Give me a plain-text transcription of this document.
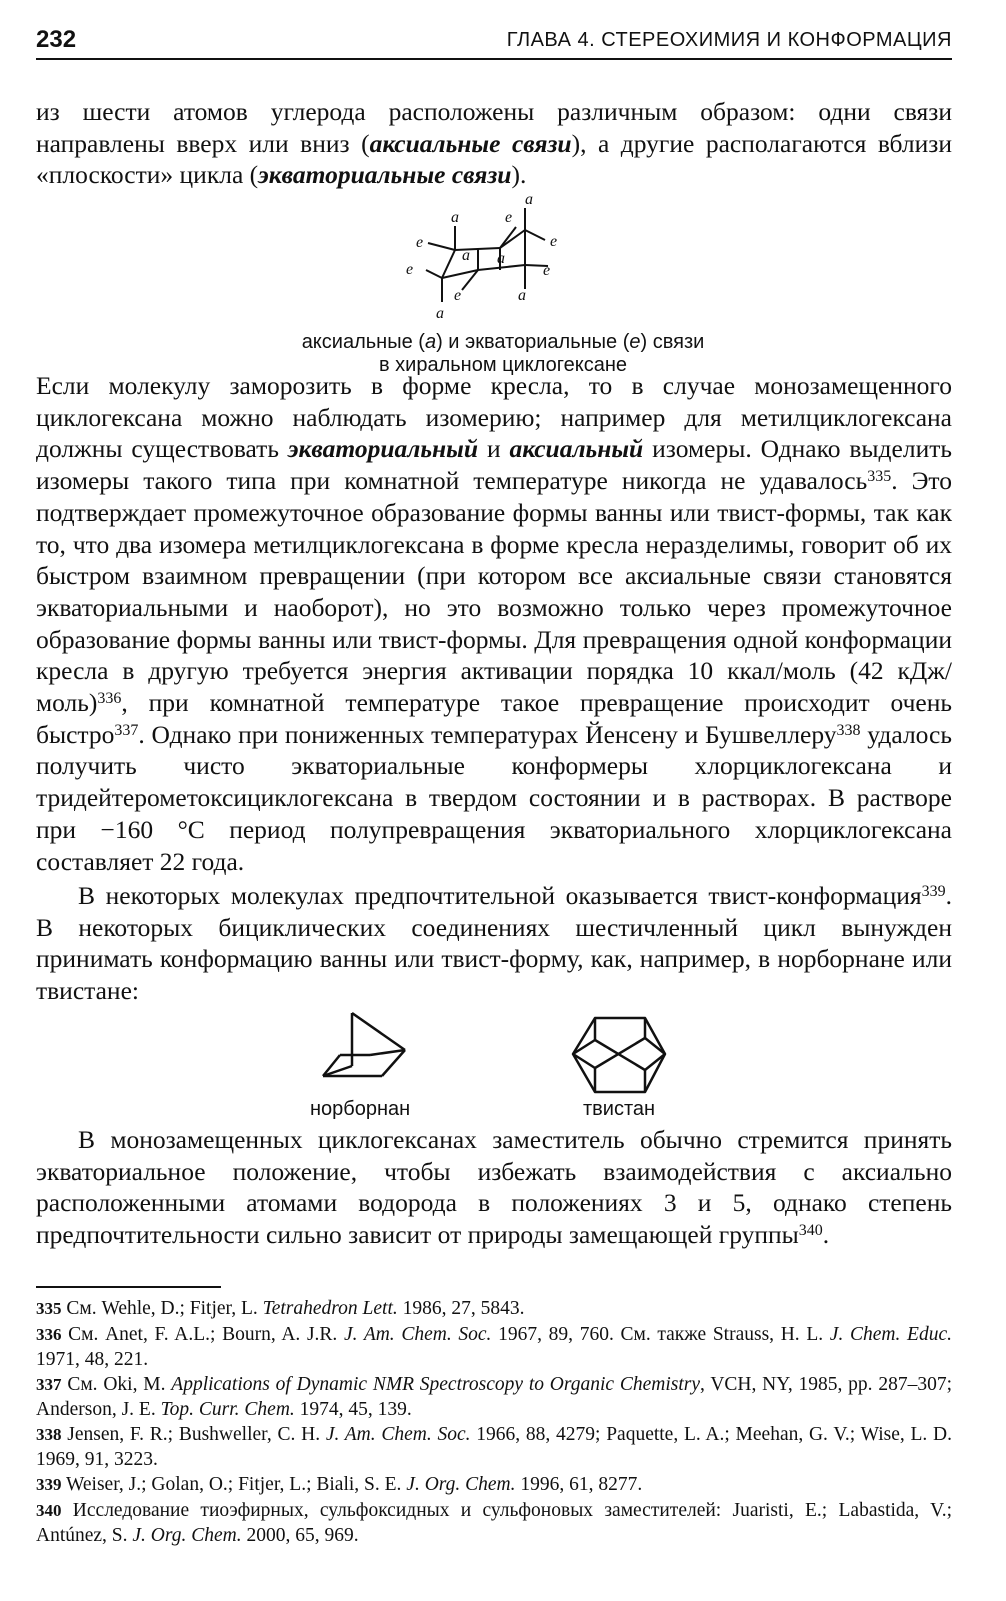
232	ГЛАВА 4. СТЕРЕОХИМИЯ И КОНФОРМАЦИЯ
из шести атомов углерода расположены различным образом: одни связи направлены вверх или вниз (аксиальные связи), а другие располагаются вблизи «плоскости» цикла (экваториальные связи).
a
a	e
e	e
a a
e	e
e	a
a
аксиальные (a) и экваториальные (e) связи
в хиральном циклогексане
Если молекулу заморозить в форме кресла, то в случае монозамещенного циклогексана можно наблюдать изомерию; например для метилциклогексана должны существовать экваториальный и аксиальный изомеры. Однако выделить изомеры такого типа при комнатной температуре никогда не удавалось$^{335}$. Это подтверждает промежуточное образование формы ванны или твист-формы, так как то, что два изомера метилциклогексана в форме кресла неразделимы, говорит об их быстром взаимном превращении (при котором все аксиальные связи становятся экваториальными и наоборот), но это возможно только через промежуточное образование формы ванны или твист-формы. Для превращения одной конформации кресла в другую требуется энергия активации порядка 10 ккал/моль (42 кДж/моль)$^{336}$, при комнатной температуре такое превращение происходит очень быстро$^{337}$. Однако при пониженных температурах Йенсену и Бушвеллеру$^{338}$ удалось получить чисто экваториальные конформеры хлорциклогексана и тридейтерометоксициклогексана в твердом состоянии и в растворах. В растворе при −160 °C период полупревращения экваториального хлорциклогексана составляет 22 года.
В некоторых молекулах предпочтительной оказывается твист-конформация$^{339}$. В некоторых бициклических соединениях шестичленный цикл вынужден принимать конформацию ванны или твист-форму, как, например, в норборнане или твистане:
норборнан	твистан
В монозамещенных циклогексанах заместитель обычно стремится принять экваториальное положение, чтобы избежать взаимодействия с аксиально расположенными атомами водорода в положениях 3 и 5, однако степень предпочтительности сильно зависит от природы замещающей группы$^{340}$.
335 См. Wehle, D.; Fitjer, L. Tetrahedron Lett. 1986, 27, 5843.
336 См. Anet, F. A.L.; Bourn, A. J.R. J. Am. Chem. Soc. 1967, 89, 760. См. также Strauss, H. L. J. Chem. Educ. 1971, 48, 221.
337 См. Oki, M. Applications of Dynamic NMR Spectroscopy to Organic Chemistry, VCH, NY, 1985, pp. 287–307; Anderson, J. E. Top. Curr. Chem. 1974, 45, 139.
338 Jensen, F. R.; Bushweller, C. H. J. Am. Chem. Soc. 1966, 88, 4279; Paquette, L. A.; Meehan, G. V.; Wise, L. D. 1969, 91, 3223.
339 Weiser, J.; Golan, O.; Fitjer, L.; Biali, S. E. J. Org. Chem. 1996, 61, 8277.
340 Исследование тиоэфирных, сульфоксидных и сульфоновых заместителей: Juaristi, E.; Labastida, V.; Antúnez, S. J. Org. Chem. 2000, 65, 969.
